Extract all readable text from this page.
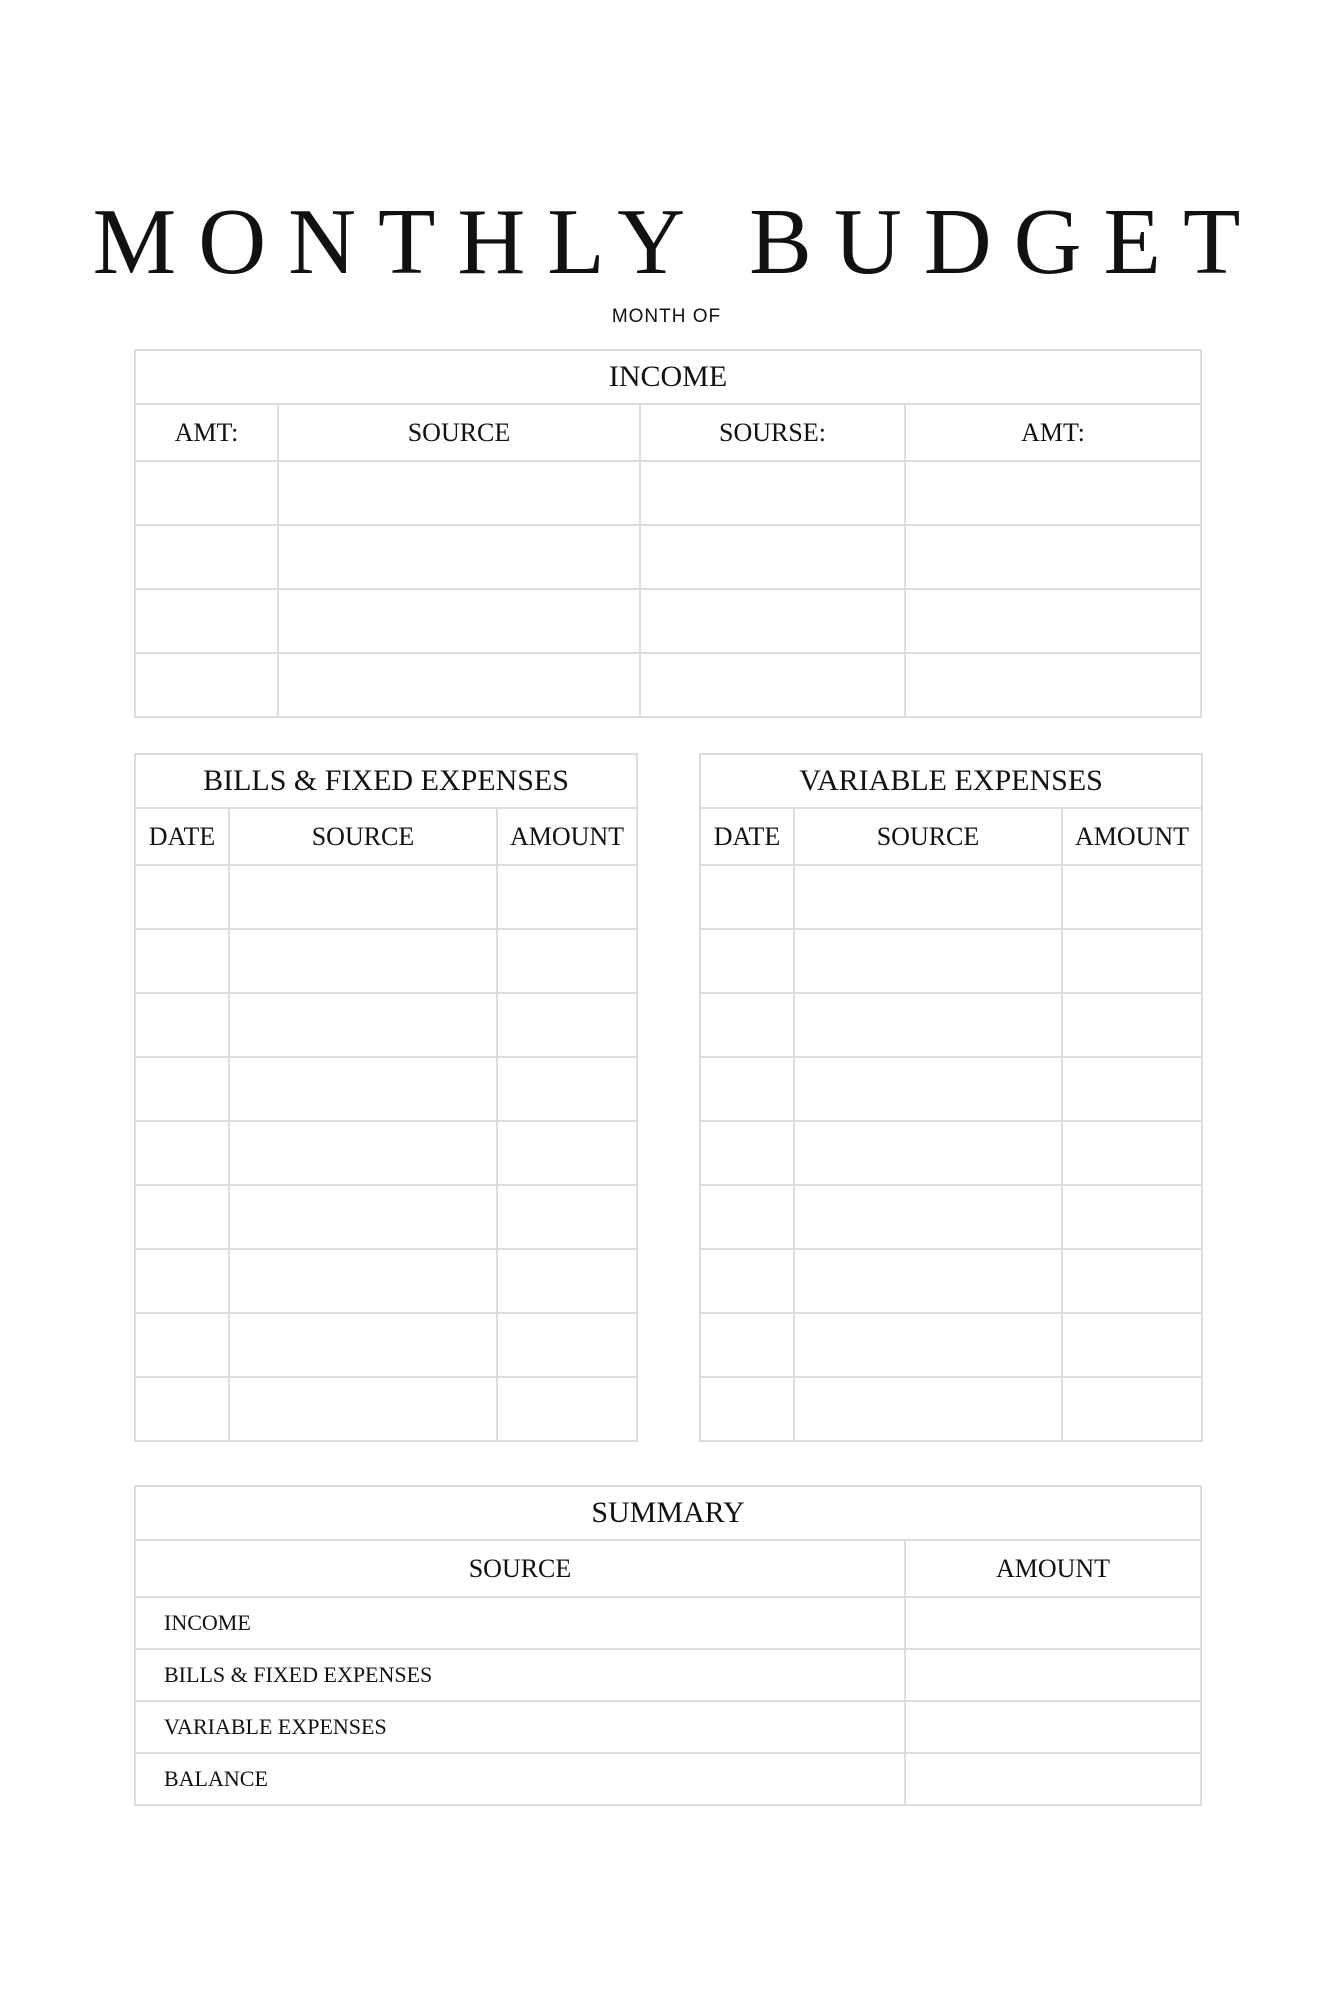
MONTHLY BUDGET
MONTH OF
INCOME			
AMT:	SOURCE	SOURSE:	AMT:

BILLS & FIXED EXPENSES		
DATE	SOURCE	AMOUNT

VARIABLE EXPENSES		
DATE	SOURCE	AMOUNT

SUMMARY	
SOURCE	AMOUNT
INCOME	
BILLS & FIXED EXPENSES	
VARIABLE EXPENSES	
BALANCE	
